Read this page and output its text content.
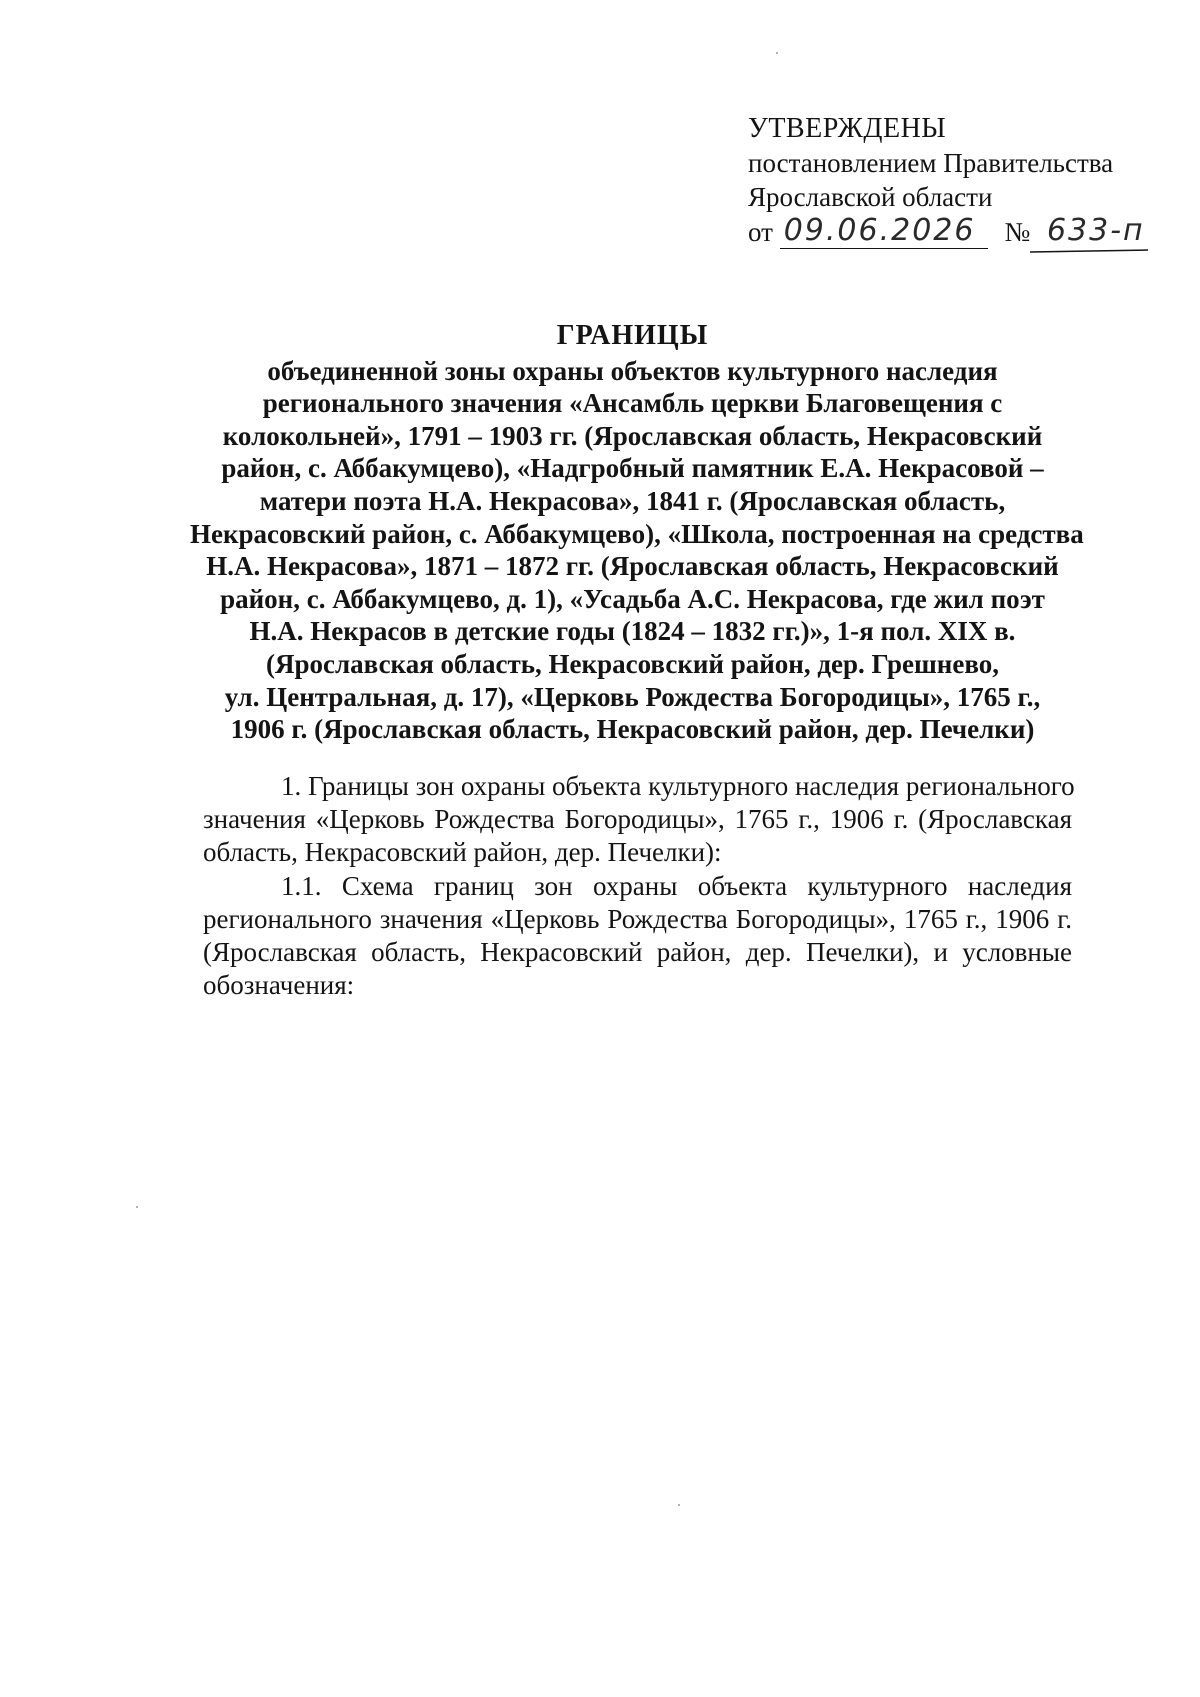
УТВЕРЖДЕНЫ
постановлением Правительства
Ярославской области
от 09.06.2026 № 633-п
ГРАНИЦЫ
объединенной зоны охраны объектов культурного наследия
регионального значения «Ансамбль церкви Благовещения с
колокольней», 1791 – 1903 гг. (Ярославская область, Некрасовский
район, с. Аббакумцево), «Надгробный памятник Е.А. Некрасовой –
матери поэта Н.А. Некрасова», 1841 г. (Ярославская область,
Некрасовский район, с. Аббакумцево), «Школа, построенная на средства
Н.А. Некрасова», 1871 – 1872 гг. (Ярославская область, Некрасовский
район, с. Аббакумцево, д. 1), «Усадьба А.С. Некрасова, где жил поэт
Н.А. Некрасов в детские годы (1824 – 1832 гг.)», 1-я пол. XIX в.
(Ярославская область, Некрасовский район, дер. Грешнево,
ул. Центральная, д. 17), «Церковь Рождества Богородицы», 1765 г.,
1906 г. (Ярославская область, Некрасовский район, дер. Печелки)
1. Границы зон охраны объекта культурного наследия регионального
значения «Церковь Рождества Богородицы», 1765 г., 1906 г. (Ярославская
область, Некрасовский район, дер. Печелки):
1.1. Схема границ зон охраны объекта культурного наследия
регионального значения «Церковь Рождества Богородицы», 1765 г., 1906 г.
(Ярославская область, Некрасовский район, дер. Печелки), и условные
обозначения:
